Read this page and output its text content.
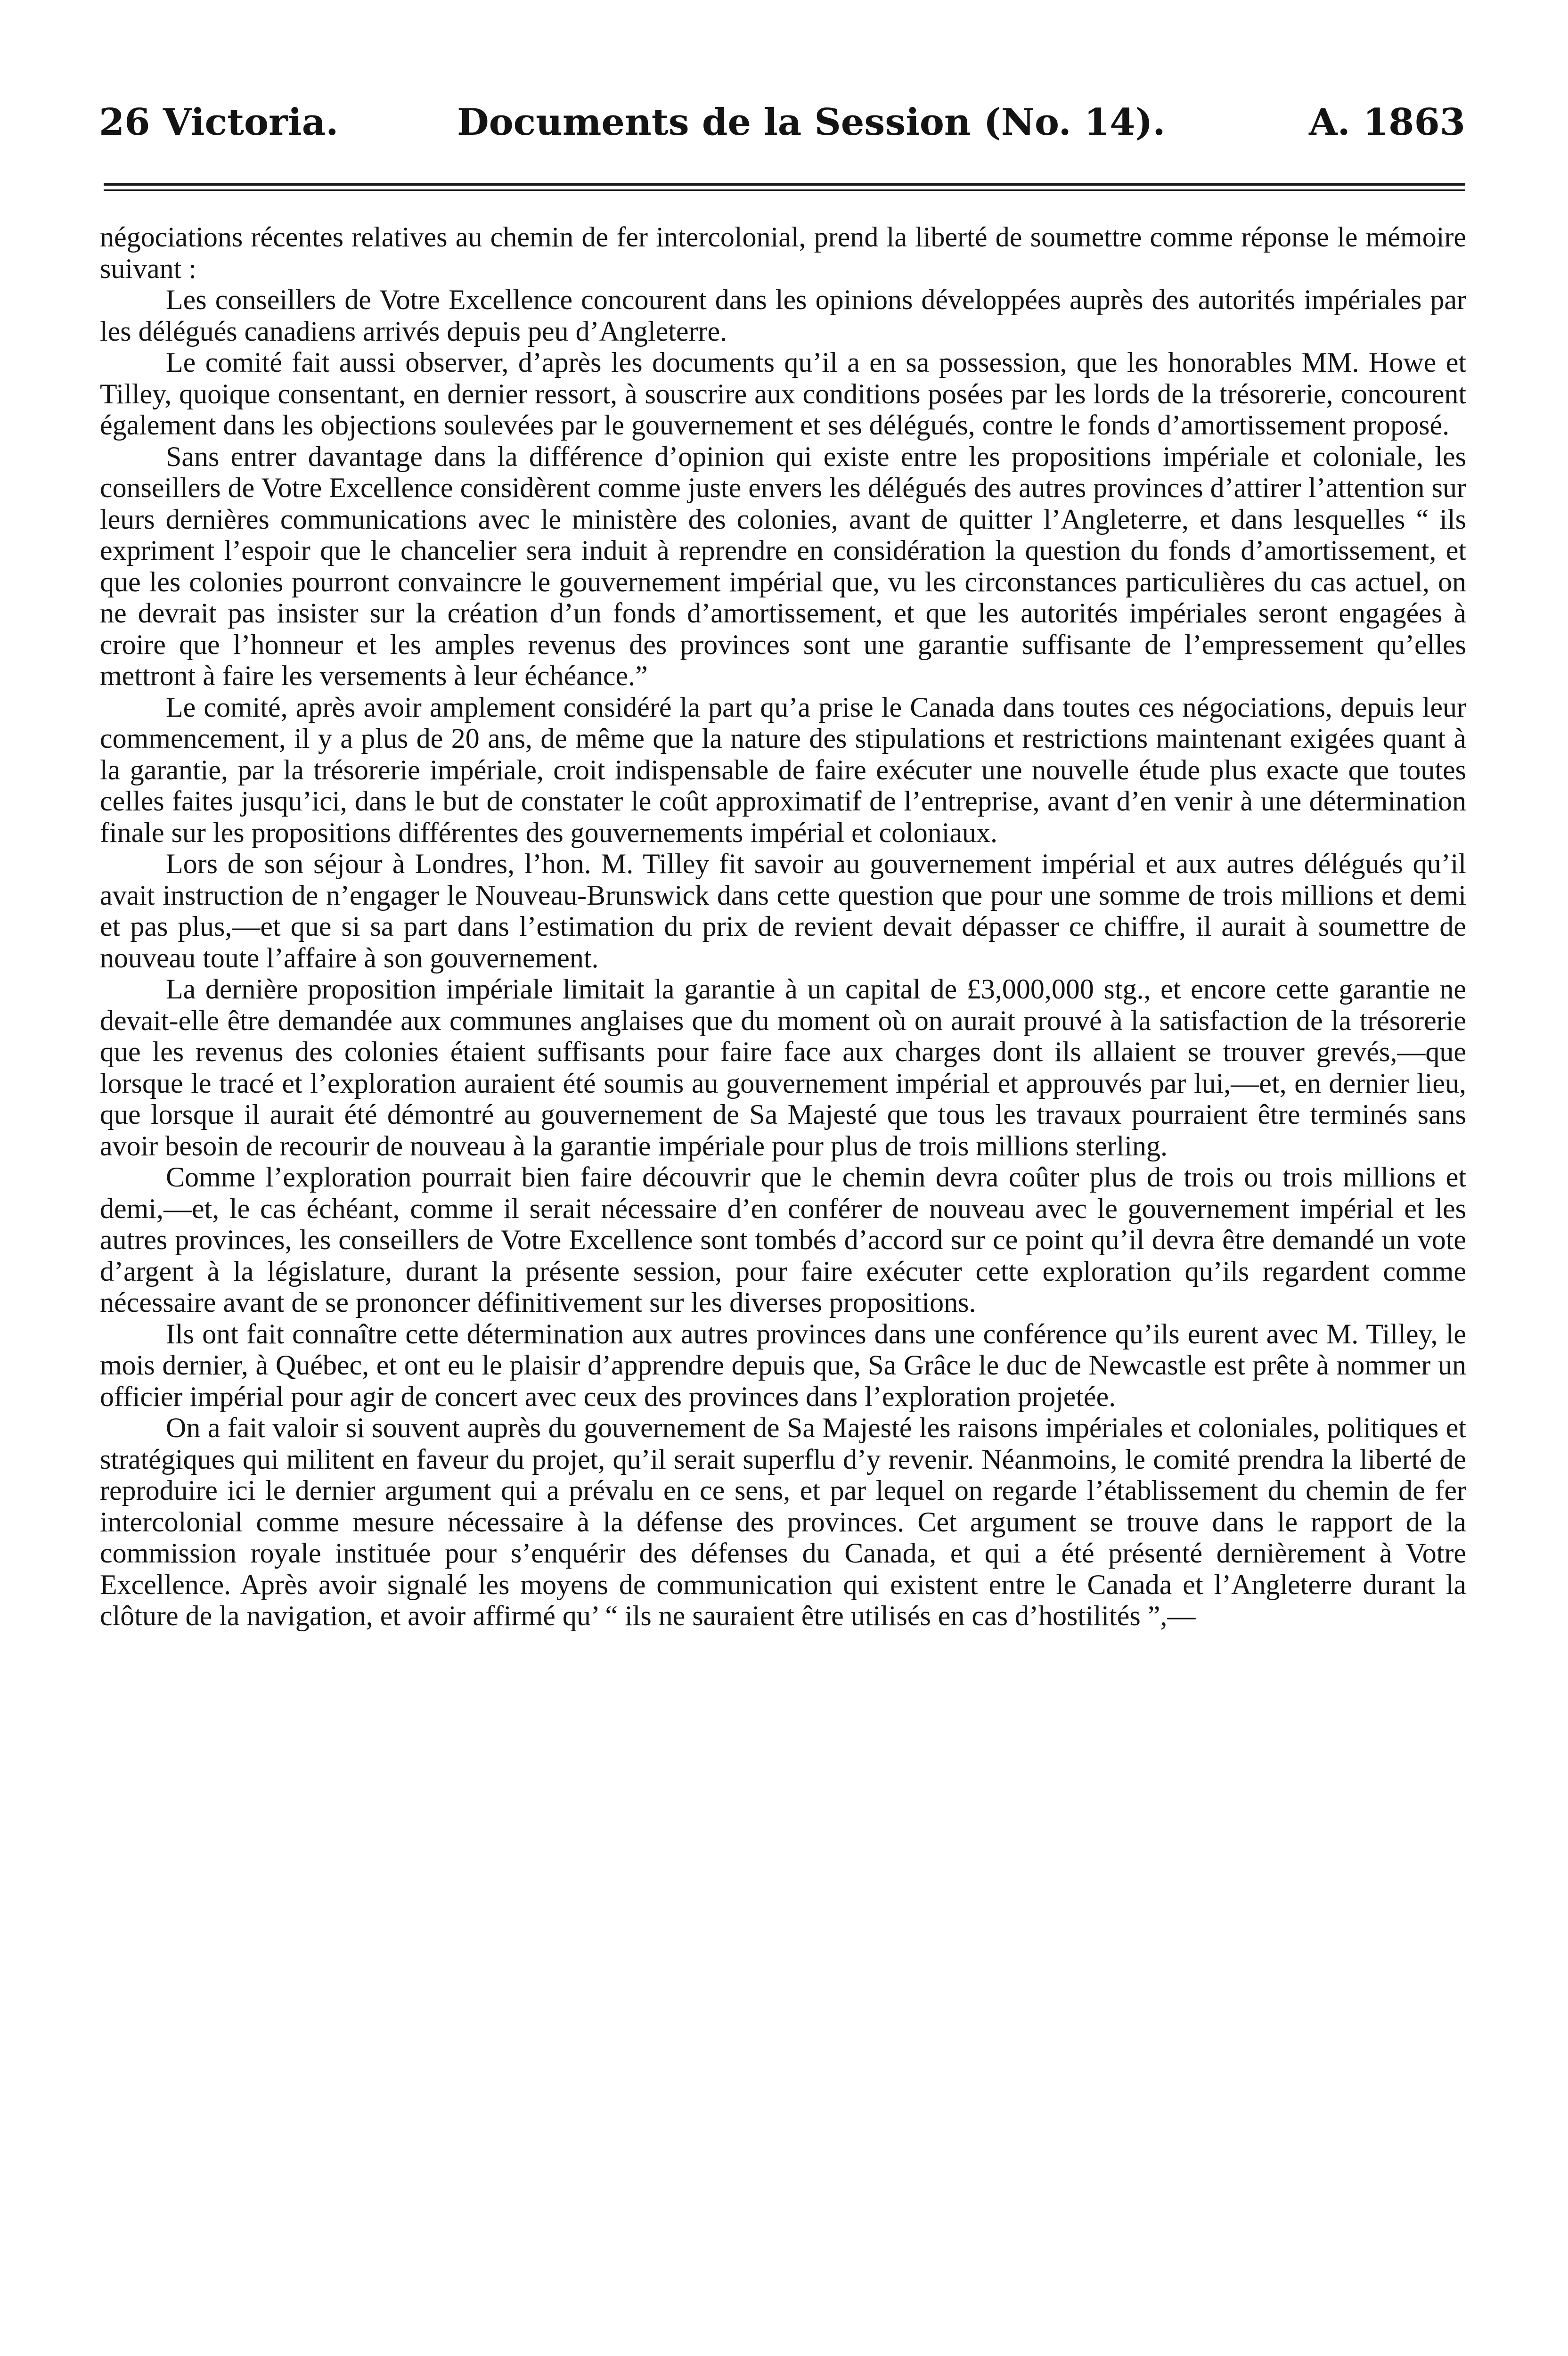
26 Victoria.	Documents de la Session (No. 14).	A. 1863

négociations récentes relatives au chemin de fer intercolonial, prend la liberté de soumettre comme réponse le mémoire suivant :

Les conseillers de Votre Excellence concourent dans les opinions développées auprès des autorités impériales par les délégués canadiens arrivés depuis peu d’Angleterre.

Le comité fait aussi observer, d’après les documents qu’il a en sa possession, que les honorables MM. Howe et Tilley, quoique consentant, en dernier ressort, à souscrire aux conditions posées par les lords de la trésorerie, concourent également dans les objections soulevées par le gouvernement et ses délégués, contre le fonds d’amortissement proposé.

Sans entrer davantage dans la différence d’opinion qui existe entre les propositions impériale et coloniale, les conseillers de Votre Excellence considèrent comme juste envers les délégués des autres provinces d’attirer l’attention sur leurs dernières communications avec le ministère des colonies, avant de quitter l’Angleterre, et dans lesquelles “ ils expriment l’espoir que le chancelier sera induit à reprendre en considération la question du fonds d’amortissement, et que les colonies pourront convaincre le gouvernement impérial que, vu les circonstances particulières du cas actuel, on ne devrait pas insister sur la création d’un fonds d’amortissement, et que les autorités impériales seront engagées à croire que l’honneur et les amples revenus des provinces sont une garantie suffisante de l’empressement qu’elles mettront à faire les versements à leur échéance.”

Le comité, après avoir amplement considéré la part qu’a prise le Canada dans toutes ces négociations, depuis leur commencement, il y a plus de 20 ans, de même que la nature des stipulations et restrictions maintenant exigées quant à la garantie, par la trésorerie impériale, croit indispensable de faire exécuter une nouvelle étude plus exacte que toutes celles faites jusqu’ici, dans le but de constater le coût approximatif de l’entreprise, avant d’en venir à une détermination finale sur les propositions différentes des gouvernements impérial et coloniaux.

Lors de son séjour à Londres, l’hon. M. Tilley fit savoir au gouvernement impérial et aux autres délégués qu’il avait instruction de n’engager le Nouveau-Brunswick dans cette question que pour une somme de trois millions et demi et pas plus,—et que si sa part dans l’estimation du prix de revient devait dépasser ce chiffre, il aurait à soumettre de nouveau toute l’affaire à son gouvernement.

La dernière proposition impériale limitait la garantie à un capital de £3,000,000 stg., et encore cette garantie ne devait-elle être demandée aux communes anglaises que du moment où on aurait prouvé à la satisfaction de la trésorerie que les revenus des colonies étaient suffisants pour faire face aux charges dont ils allaient se trouver grevés,—que lorsque le tracé et l’exploration auraient été soumis au gouvernement impérial et approuvés par lui,—et, en dernier lieu, que lorsque il aurait été démontré au gouvernement de Sa Majesté que tous les travaux pourraient être terminés sans avoir besoin de recourir de nouveau à la garantie impériale pour plus de trois millions sterling.

Comme l’exploration pourrait bien faire découvrir que le chemin devra coûter plus de trois ou trois millions et demi,—et, le cas échéant, comme il serait nécessaire d’en conférer de nouveau avec le gouvernement impérial et les autres provinces, les conseillers de Votre Excellence sont tombés d’accord sur ce point qu’il devra être demandé un vote d’argent à la législature, durant la présente session, pour faire exécuter cette exploration qu’ils regardent comme nécessaire avant de se prononcer définitivement sur les diverses propositions.

Ils ont fait connaître cette détermination aux autres provinces dans une conférence qu’ils eurent avec M. Tilley, le mois dernier, à Québec, et ont eu le plaisir d’apprendre depuis que, Sa Grâce le duc de Newcastle est prête à nommer un officier impérial pour agir de concert avec ceux des provinces dans l’exploration projetée.

On a fait valoir si souvent auprès du gouvernement de Sa Majesté les raisons impériales et coloniales, politiques et stratégiques qui militent en faveur du projet, qu’il serait superflu d’y revenir. Néanmoins, le comité prendra la liberté de reproduire ici le dernier argument qui a prévalu en ce sens, et par lequel on regarde l’établissement du chemin de fer intercolonial comme mesure nécessaire à la défense des provinces. Cet argument se trouve dans le rapport de la commission royale instituée pour s’enquérir des défenses du Canada, et qui a été présenté dernièrement à Votre Excellence. Après avoir signalé les moyens de communication qui existent entre le Canada et l’Angleterre durant la clôture de la navigation, et avoir affirmé qu’ “ ils ne sauraient être utilisés en cas d’hostilités ”,—
